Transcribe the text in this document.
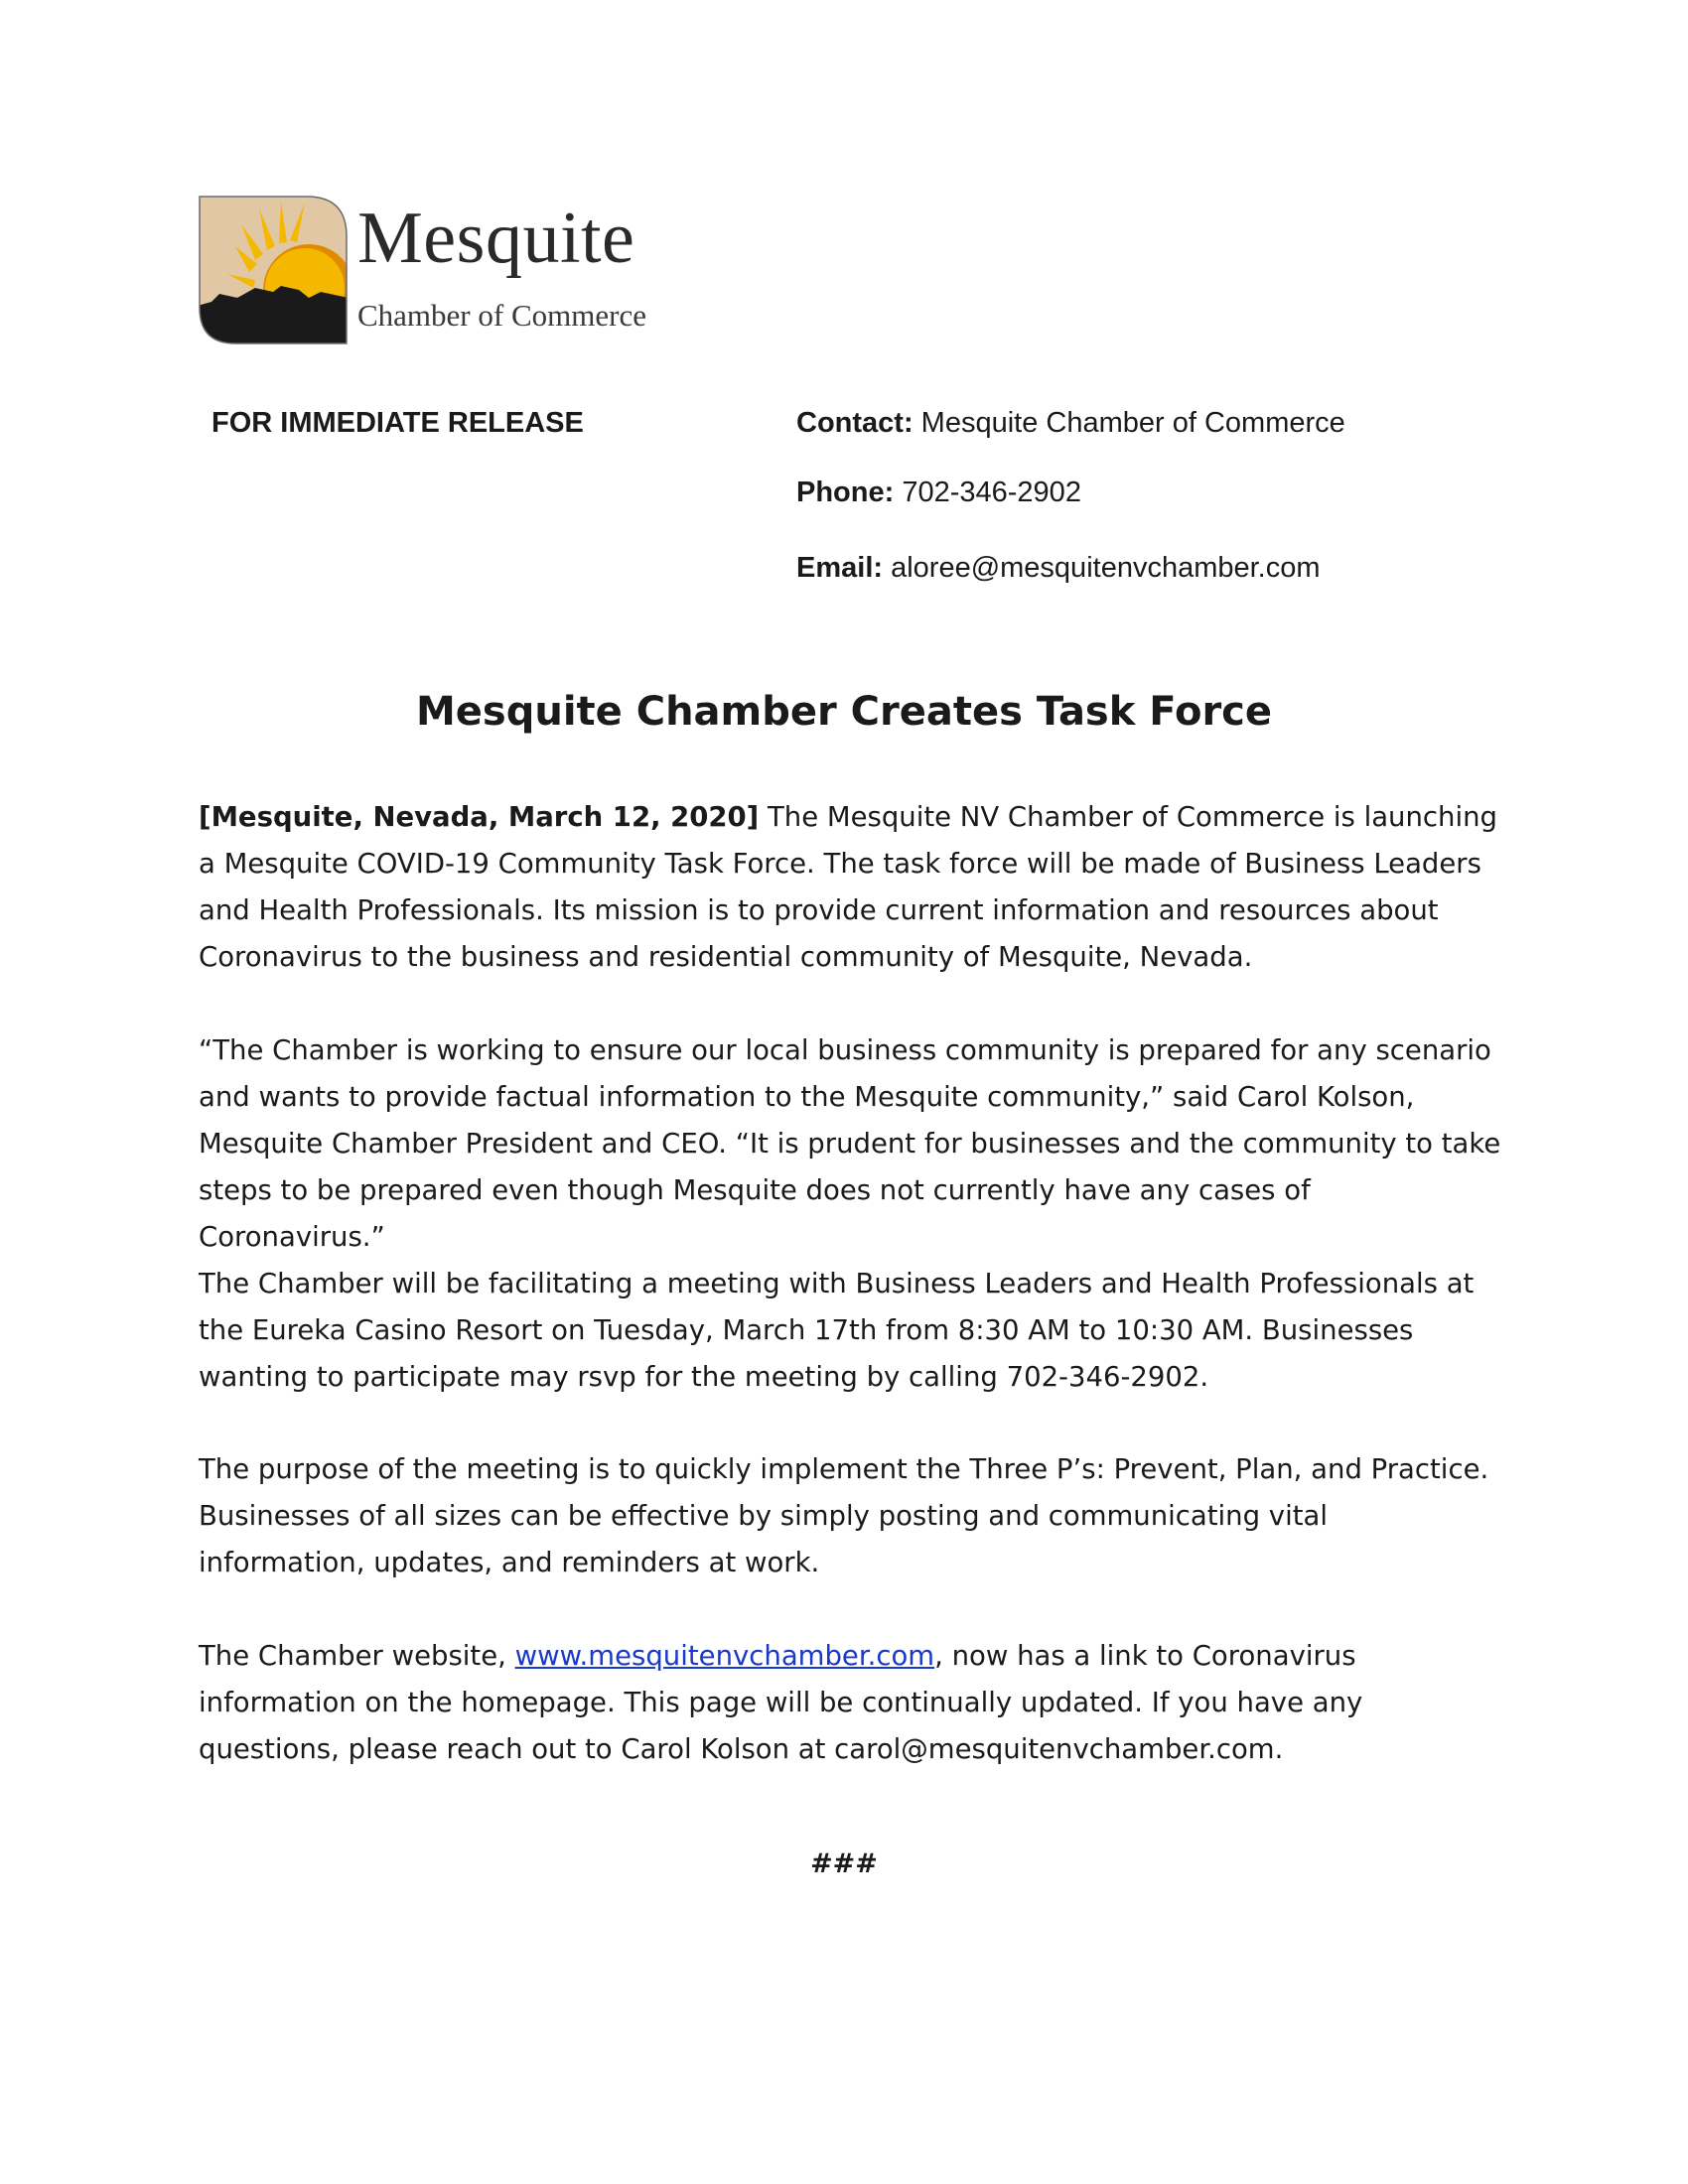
Mesquite
Chamber of Commerce
FOR IMMEDIATE RELEASE	Contact: Mesquite Chamber of Commerce
Phone: 702-346-2902
Email: aloree@mesquitenvchamber.com
Mesquite Chamber Creates Task Force
[Mesquite, Nevada, March 12, 2020] The Mesquite NV Chamber of Commerce is launching a Mesquite COVID-19 Community Task Force. The task force will be made of Business Leaders and Health Professionals. Its mission is to provide current information and resources about Coronavirus to the business and residential community of Mesquite, Nevada.
“The Chamber is working to ensure our local business community is prepared for any scenario and wants to provide factual information to the Mesquite community,” said Carol Kolson, Mesquite Chamber President and CEO. “It is prudent for businesses and the community to take steps to be prepared even though Mesquite does not currently have any cases of Coronavirus.”
The Chamber will be facilitating a meeting with Business Leaders and Health Professionals at the Eureka Casino Resort on Tuesday, March 17th from 8:30 AM to 10:30 AM. Businesses wanting to participate may rsvp for the meeting by calling 702-346-2902.
The purpose of the meeting is to quickly implement the Three P’s: Prevent, Plan, and Practice. Businesses of all sizes can be effective by simply posting and communicating vital information, updates, and reminders at work.
The Chamber website, www.mesquitenvchamber.com, now has a link to Coronavirus information on the homepage. This page will be continually updated. If you have any questions, please reach out to Carol Kolson at carol@mesquitenvchamber.com.
###
